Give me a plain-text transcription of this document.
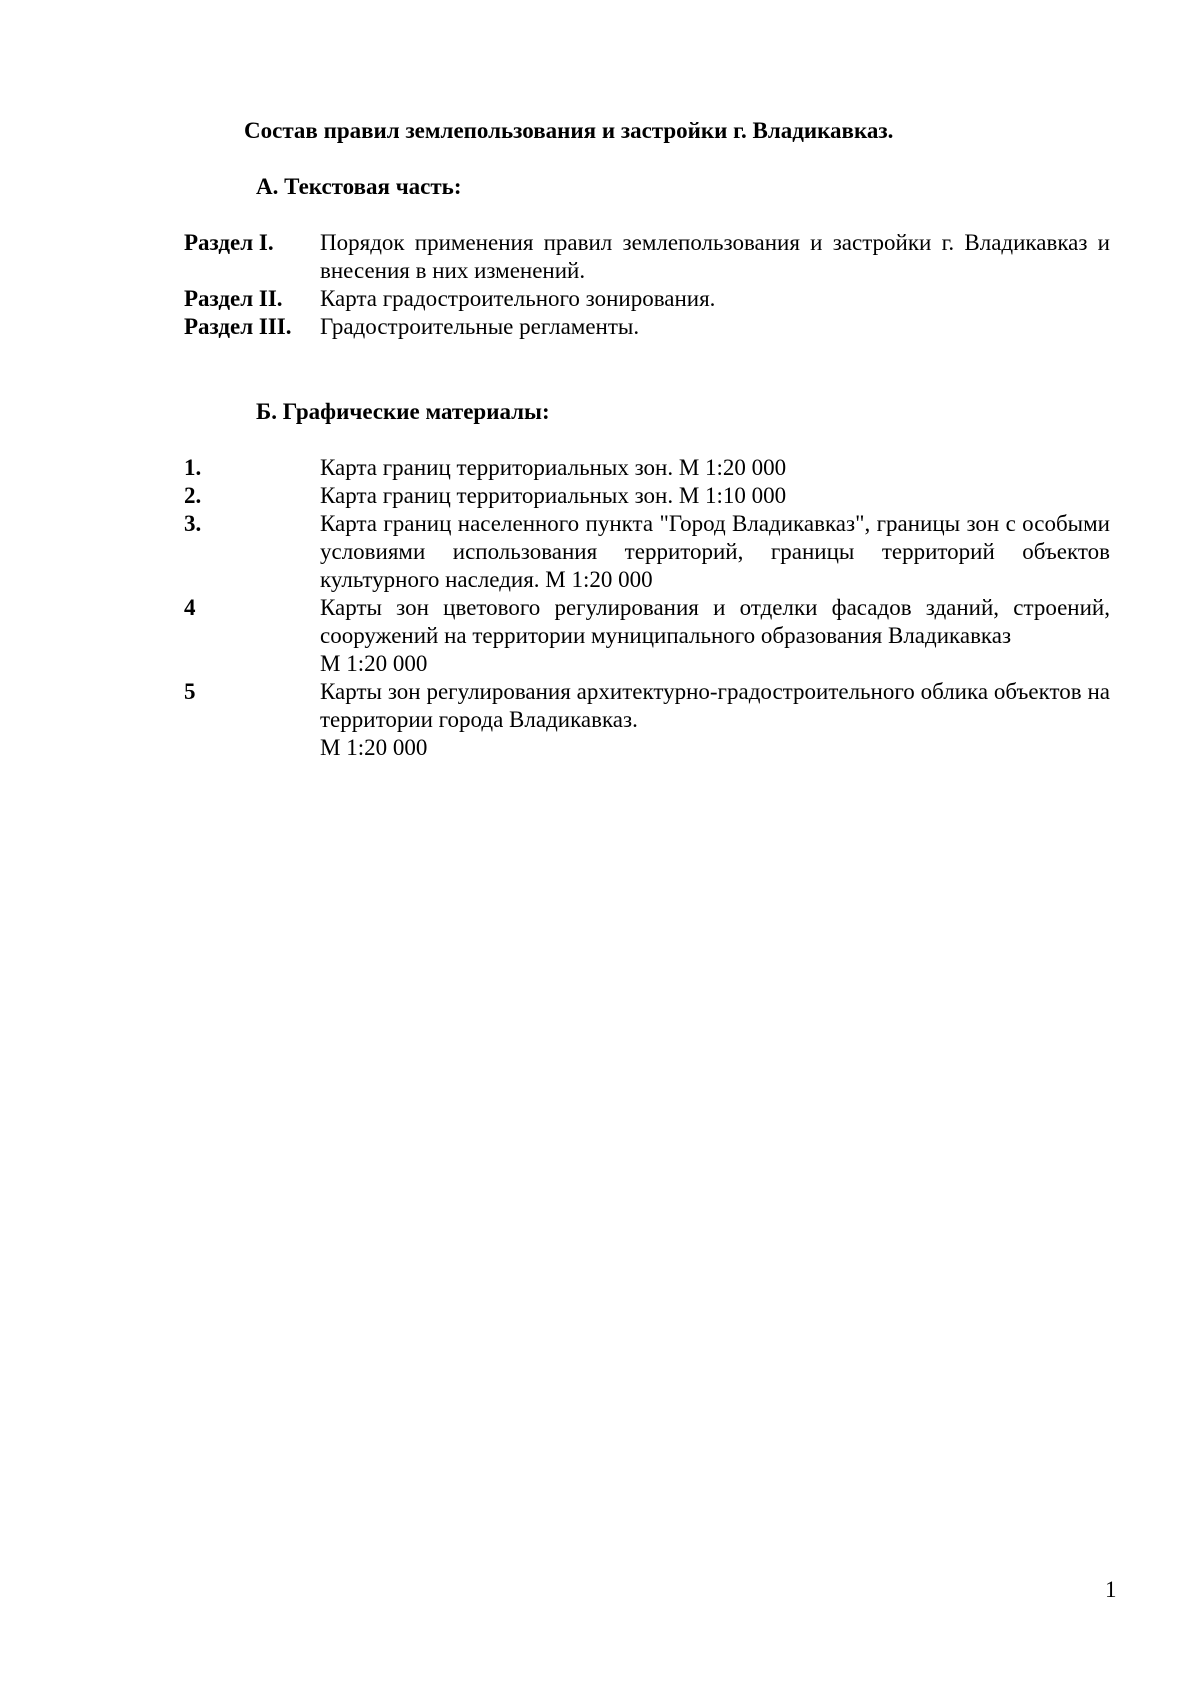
Состав правил землепользования и застройки г. Владикавказ.
А. Текстовая часть:
Раздел I.	Порядок применения правил землепользования и застройки г. Владикавказ и внесения в них изменений.
Раздел II.	Карта градостроительного зонирования.
Раздел III.	Градостроительные регламенты.
Б. Графические материалы:
1.	Карта границ территориальных зон. М 1:20 000
2.	Карта границ территориальных зон. М 1:10 000
3.	Карта границ населенного пункта "Город Владикавказ", границы зон с особыми условиями использования территорий, границы территорий объектов культурного наследия. М 1:20 000
4	Карты зон цветового регулирования и отделки фасадов зданий, строений, сооружений на территории муниципального образования Владикавказ
М 1:20 000
5	Карты зон регулирования архитектурно-градостроительного облика объектов на территории города Владикавказ.
М 1:20 000
1
